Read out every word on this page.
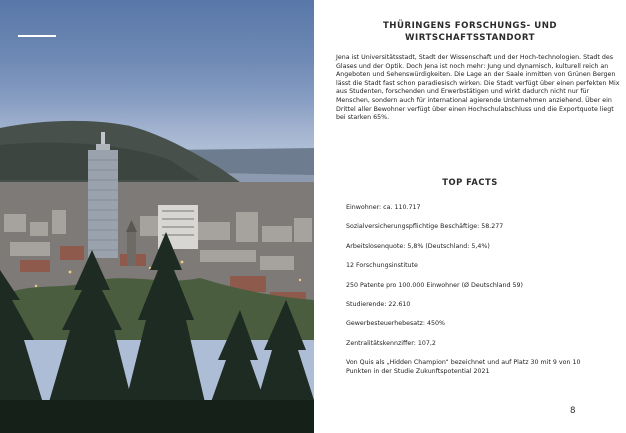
THÜRINGENS FORSCHUNGS- UND
WIRTSCHAFTSSTANDORT

Jena ist Universitätsstadt, Stadt der Wissenschaft und der Hoch-technologien. Stadt des Glases und der Optik. Doch Jena ist noch mehr: Jung und dynamisch, kulturell reich an Angeboten und Sehenswürdigkeiten. Die Lage an der Saale inmitten von Grünen Bergen lässt die Stadt fast schon paradiesisch wirken. Die Stadt verfügt über einen perfekten Mix aus Studenten, forschenden und Erwerbstätigen und wirkt dadurch nicht nur für Menschen, sondern auch für international agierende Unternehmen anziehend. Über ein Drittel aller Bewohner verfügt über einen Hochschulabschluss und die Exportquote liegt bei starken 65%.

TOP FACTS
Einwohner: ca. 110.717
Sozialversicherungspflichtige Beschäftige: 58.277
Arbeitslosenquote: 5,8% (Deutschland: 5,4%)
12 Forschungsinstitute
250 Patente pro 100.000 Einwohner (Ø Deutschland 59)
Studierende: 22.610
Gewerbesteuerhebesatz: 450%
Zentralitätskennziffer: 107,2
Von Quis als „Hidden Champion“ bezeichnet und auf Platz 30 mit 9 von 10 Punkten in der Studie Zukunftspotential 2021
8
